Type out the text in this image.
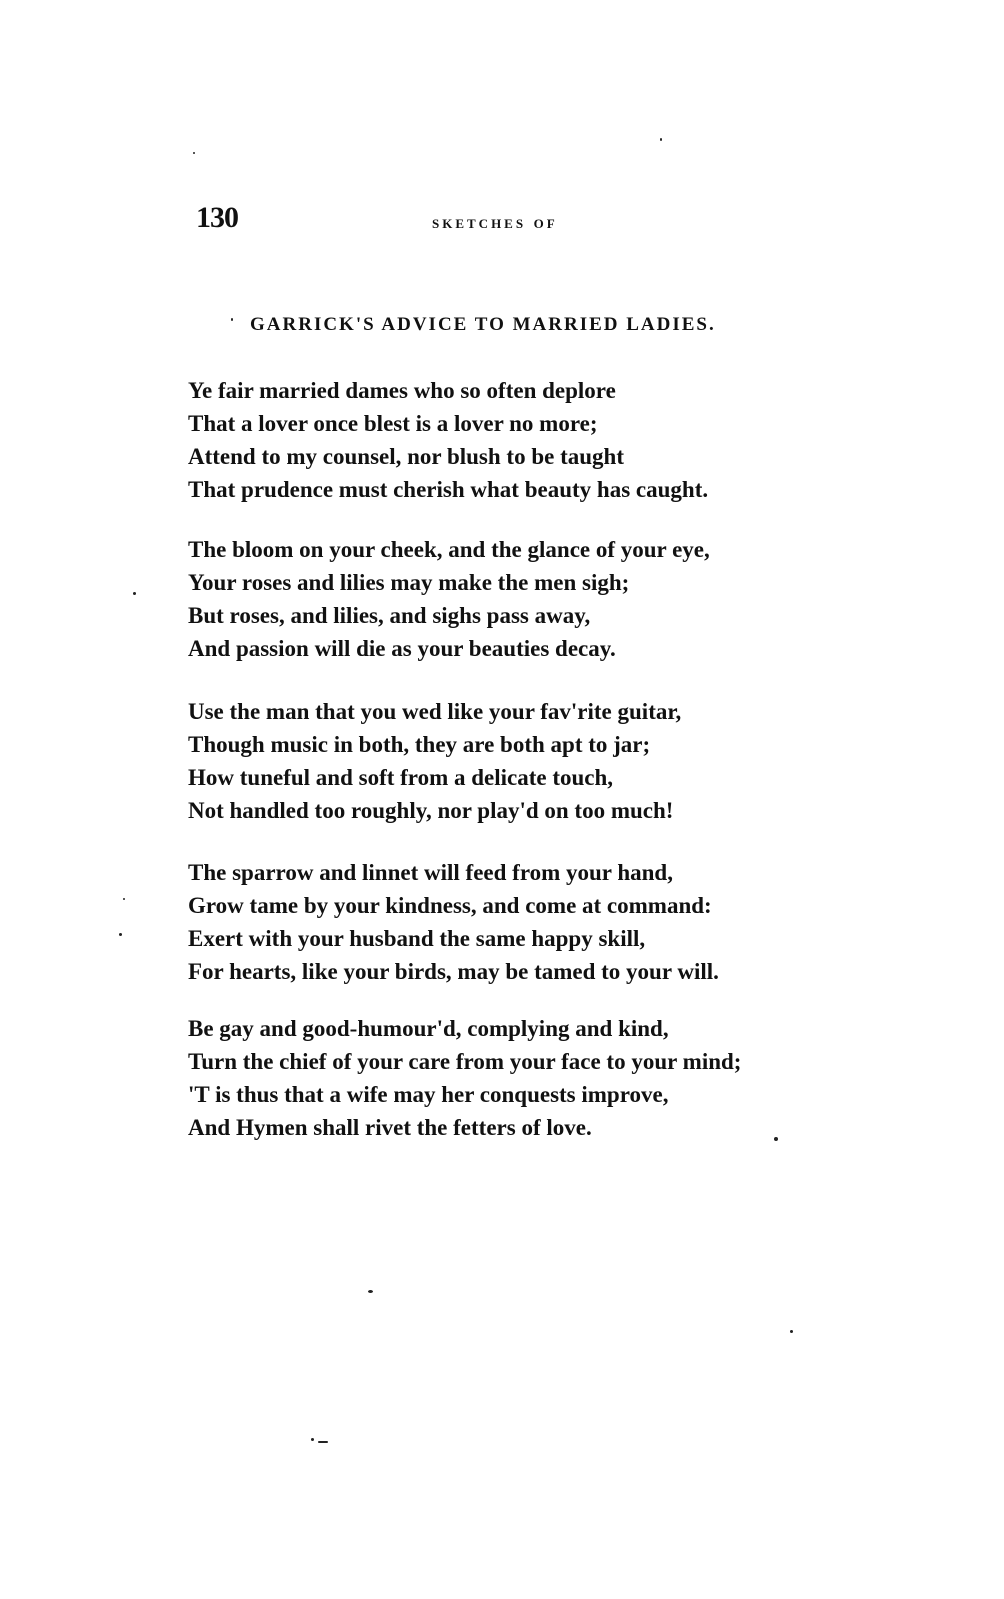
130	sketches of
GARRICK'S ADVICE TO MARRIED LADIES.
Ye fair married dames who so often deplore
That a lover once blest is a lover no more;
Attend to my counsel, nor blush to be taught
That prudence must cherish what beauty has caught.
The bloom on your cheek, and the glance of your eye,
Your roses and lilies may make the men sigh;
But roses, and lilies, and sighs pass away,
And passion will die as your beauties decay.
Use the man that you wed like your fav'rite guitar,
Though music in both, they are both apt to jar;
How tuneful and soft from a delicate touch,
Not handled too roughly, nor play'd on too much!
The sparrow and linnet will feed from your hand,
Grow tame by your kindness, and come at command:
Exert with your husband the same happy skill,
For hearts, like your birds, may be tamed to your will.
Be gay and good-humour'd, complying and kind,
Turn the chief of your care from your face to your mind;
'T is thus that a wife may her conquests improve,
And Hymen shall rivet the fetters of love.
